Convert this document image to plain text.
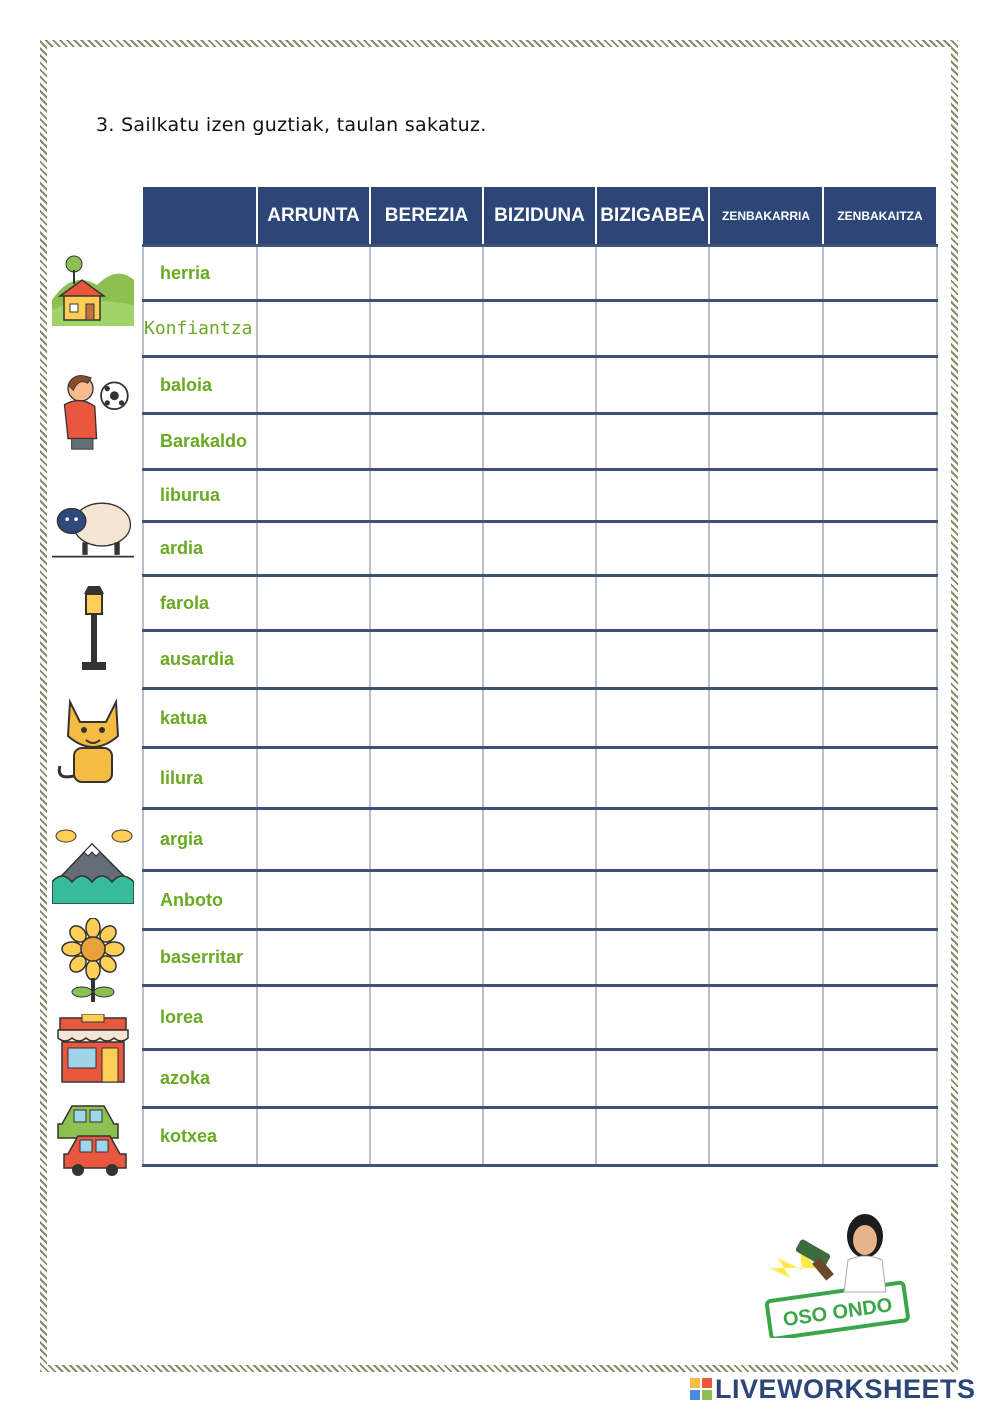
3. Sailkatu izen guztiak, taulan sakatuz.
	ARRUNTA	BEREZIA	BIZIDUNA	BIZIGABEA	ZENBAKARRIA	ZENBAKAITZA
herria						
Konfiantza						
baloia						
Barakaldo						
liburua						
ardia						
farola						
ausardia						
katua						
lilura						
argia						
Anboto						
baserritar						
lorea						
azoka						
kotxea						
OSO ONDO
LIVEWORKSHEETS
